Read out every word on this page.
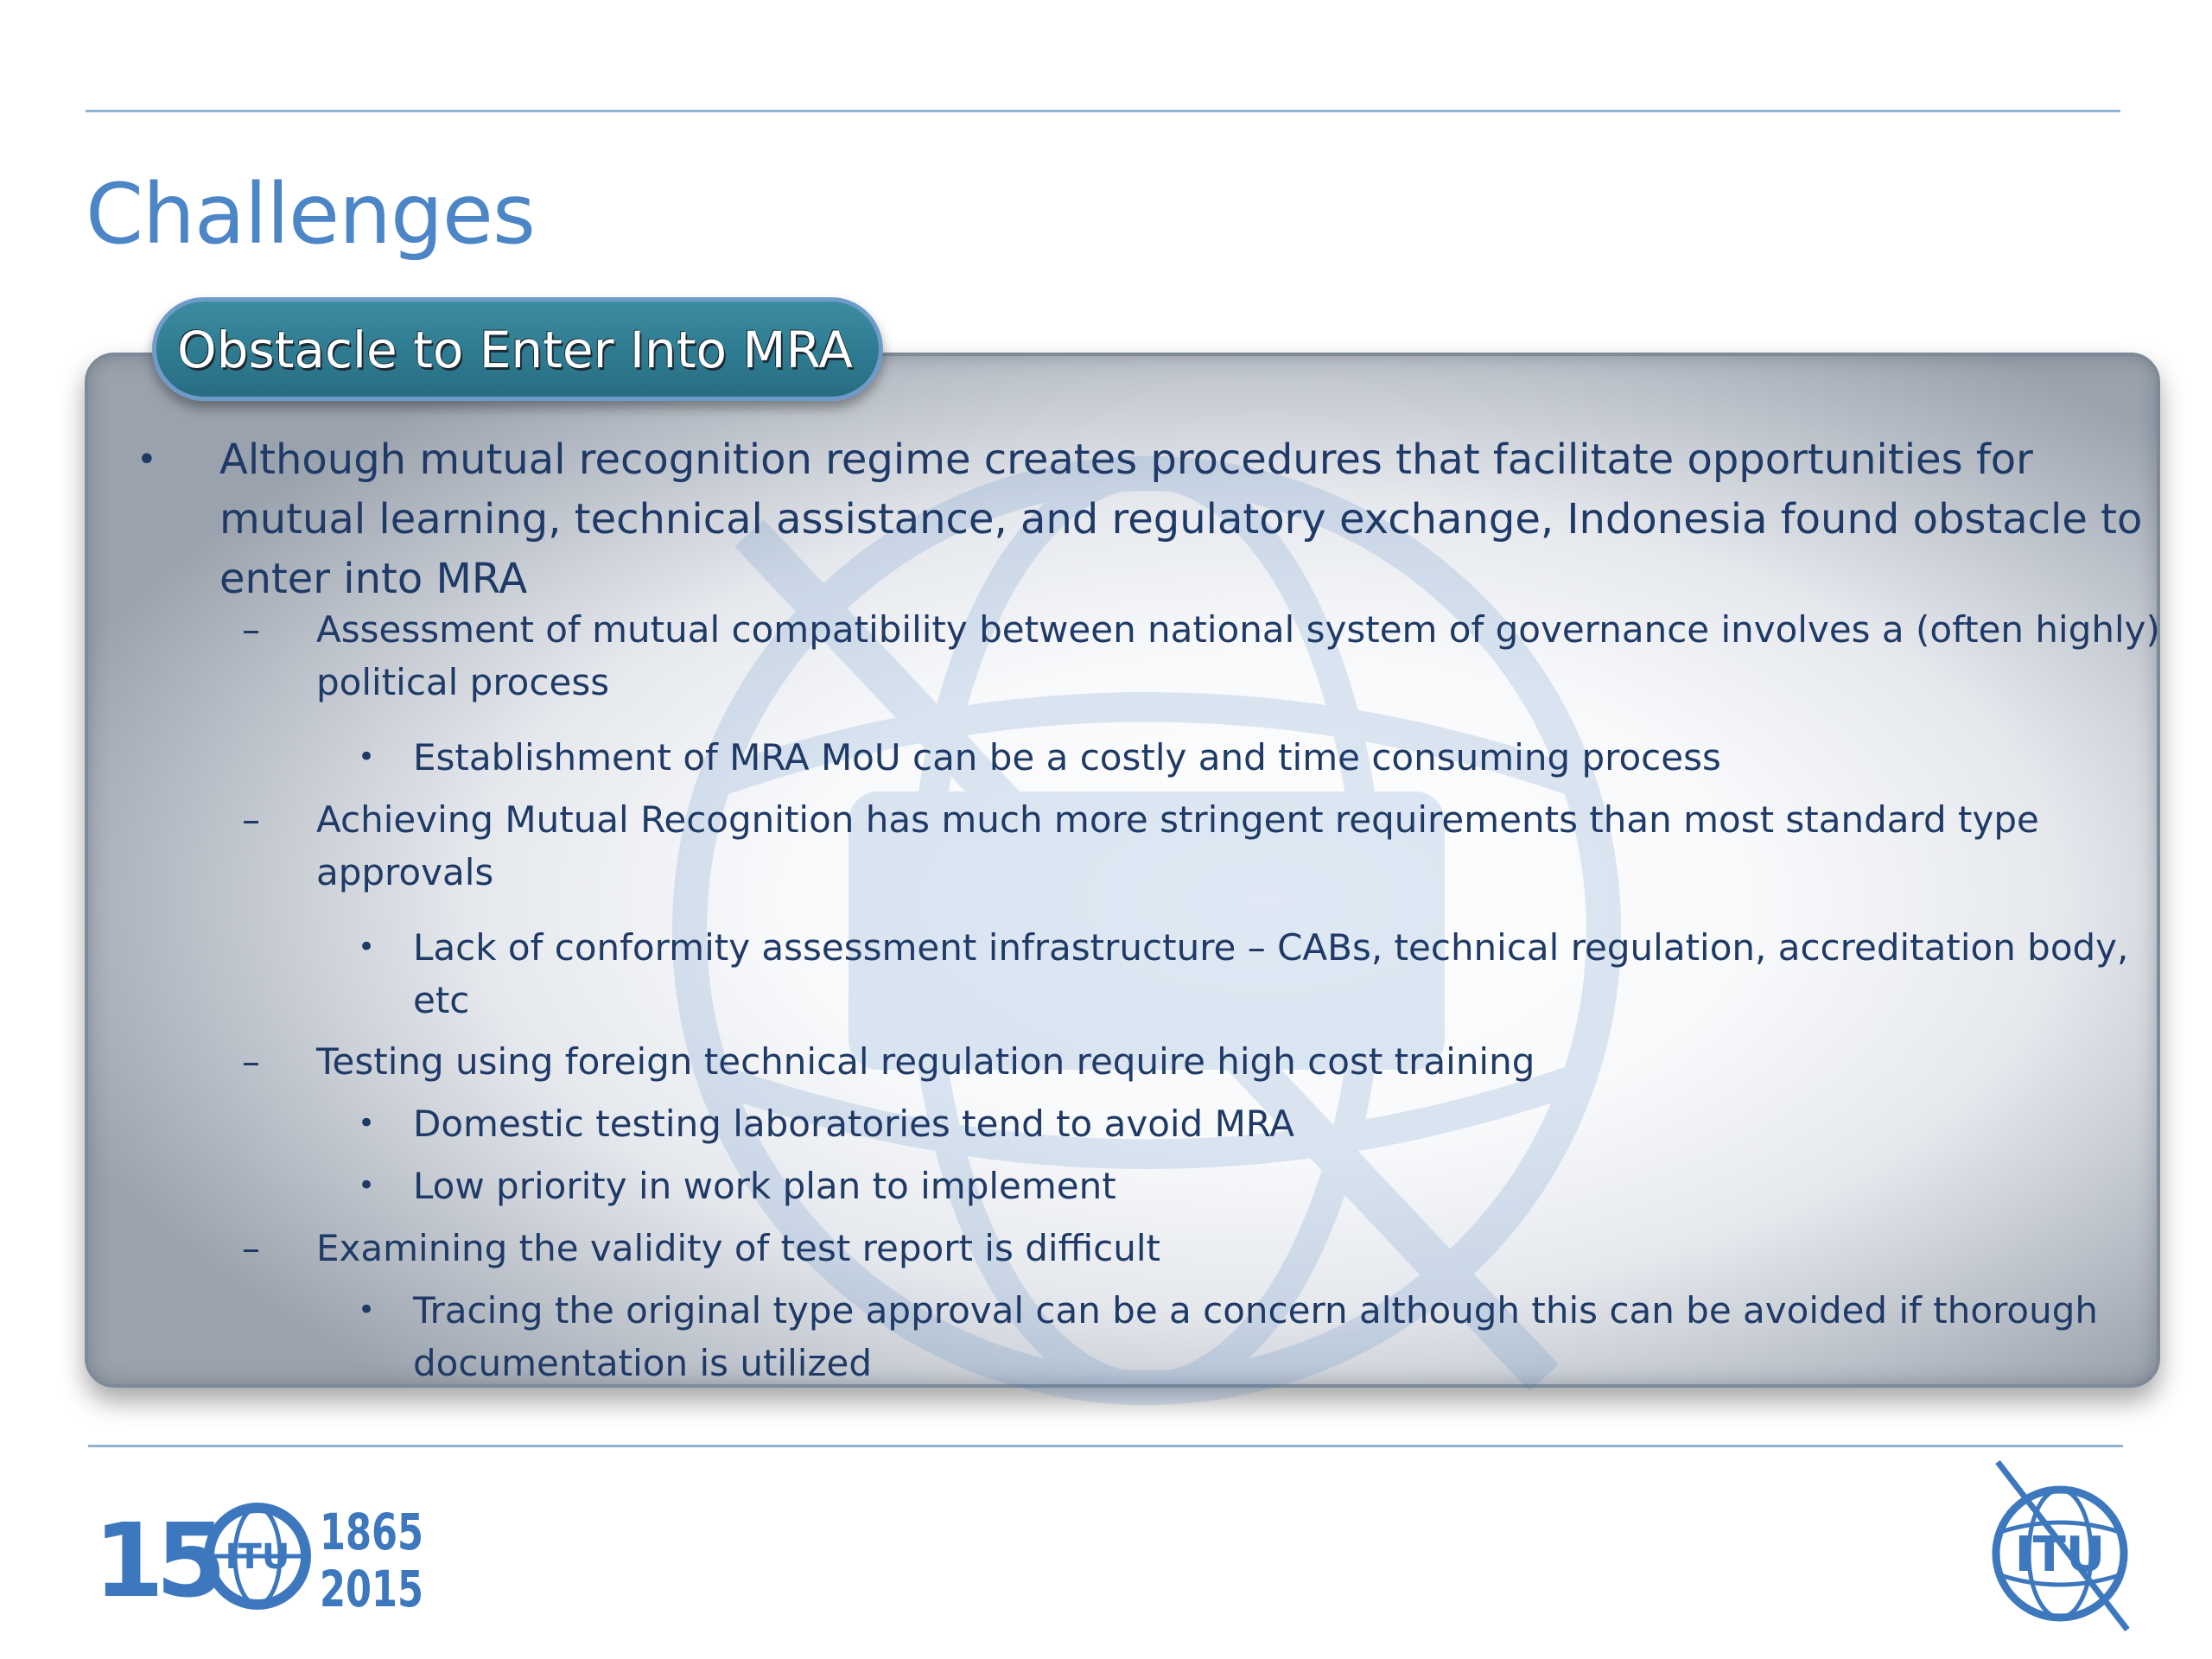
Challenges
• Although mutual recognition regime creates procedures that facilitate opportunities for
mutual learning, technical assistance, and regulatory exchange, Indonesia found obstacle to
enter into MRA
– Assessment of mutual compatibility between national system of governance involves a (often highly)
political process
• Establishment of MRA MoU can be a costly and time consuming process
– Achieving Mutual Recognition has much more stringent requirements than most standard type
approvals
• Lack of conformity assessment infrastructure – CABs, technical regulation, accreditation body,
etc
– Testing using foreign technical regulation require high cost training
• Domestic testing laboratories tend to avoid MRA
• Low priority in work plan to implement
– Examining the validity of test report is difficult
• Tracing the original type approval can be a concern although this can be avoided if thorough
documentation is utilized
Obstacle to Enter Into MRA
15 ITU 1865
2015
ITU
